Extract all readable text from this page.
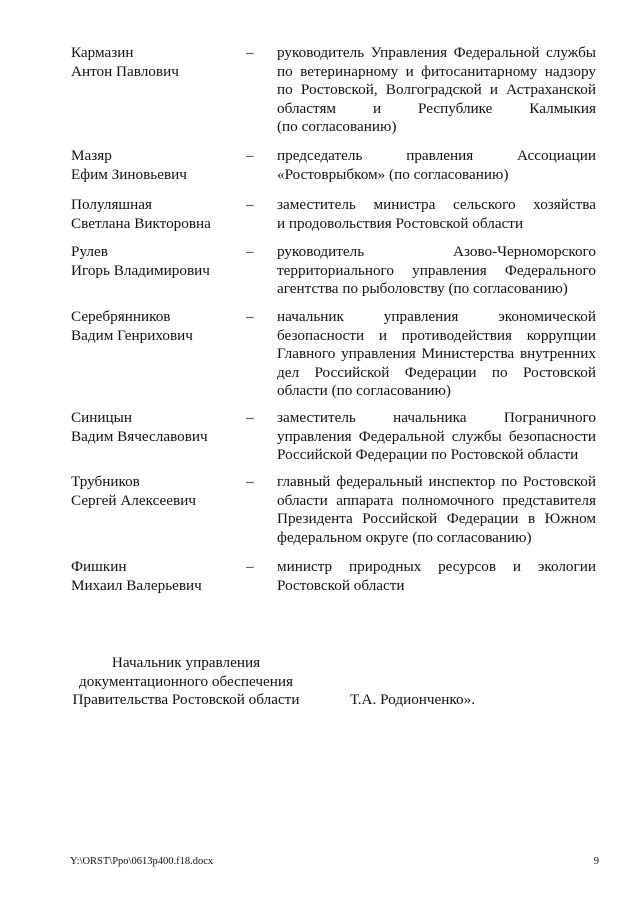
Кармазин
Антон Павлович
– руководитель Управления Федеральной службы
по ветеринарному и фитосанитарному надзору
по Ростовской, Волгоградской и Астраханской
областям и Республике Калмыкия
(по согласованию)
Мазяр
Ефим Зиновьевич
– председатель правления Ассоциации
«Ростоврыбком» (по согласованию)
Полуляшная
Светлана Викторовна
– заместитель министра сельского хозяйства
и продовольствия Ростовской области
Рулев
Игорь Владимирович
– руководитель Азово-Черноморского
территориального управления Федерального
агентства по рыболовству (по согласованию)
Серебрянников
Вадим Генрихович
– начальник управления экономической
безопасности и противодействия коррупции
Главного управления Министерства внутренних
дел Российской Федерации по Ростовской
области (по согласованию)
Синицын
Вадим Вячеславович
– заместитель начальника Пограничного
управления Федеральной службы безопасности
Российской Федерации по Ростовской области
Трубников
Сергей Алексеевич
– главный федеральный инспектор по Ростовской
области аппарата полномочного представителя
Президента Российской Федерации в Южном
федеральном округе (по согласованию)
Фишкин
Михаил Валерьевич
– министр природных ресурсов и экологии
Ростовской области
Начальник управления
документационного обеспечения
Правительства Ростовской области	Т.А. Родионченко».
Y:\ORST\Ppo\0613p400.f18.docx	9
